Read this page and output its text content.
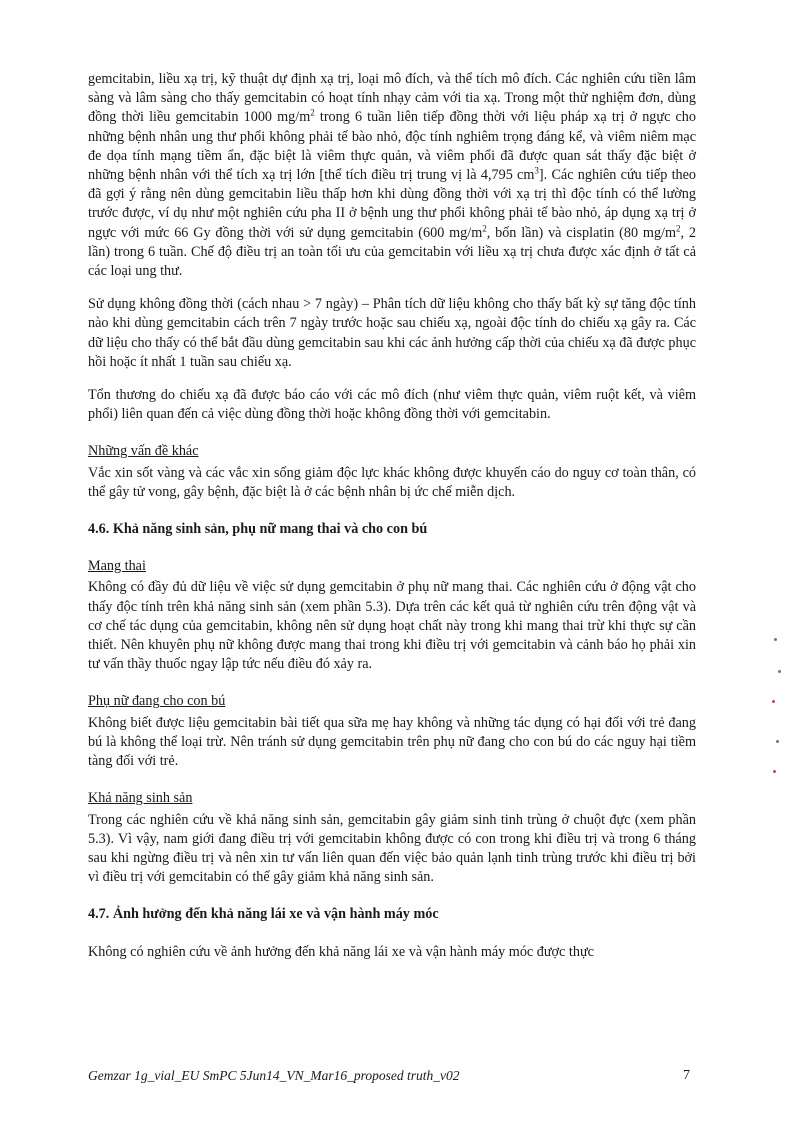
gemcitabin, liều xạ trị, kỹ thuật dự định xạ trị, loại mô đích, và thể tích mô đích. Các nghiên cứu tiền lâm sàng và lâm sàng cho thấy gemcitabin có hoạt tính nhạy cảm với tia xạ. Trong một thử nghiệm đơn, dùng đồng thời liều gemcitabin 1000 $mg/m^2$ trong 6 tuần liên tiếp đồng thời với liệu pháp xạ trị ở ngực cho những bệnh nhân ung thư phổi không phải tế bào nhỏ, độc tính nghiêm trọng đáng kể, và viêm niêm mạc đe dọa tính mạng tiềm ẩn, đặc biệt là viêm thực quản, và viêm phổi đã được quan sát thấy đặc biệt ở những bệnh nhân với thể tích xạ trị lớn [thể tích điều trị trung vị là 4,795 $cm^3$]. Các nghiên cứu tiếp theo đã gợi ý rằng nên dùng gemcitabin liều thấp hơn khi dùng đồng thời với xạ trị thì độc tính có thể lường trước được, ví dụ như một nghiên cứu pha II ở bệnh ung thư phổi không phải tế bào nhỏ, áp dụng xạ trị ở ngực với mức 66 Gy đồng thời với sử dụng gemcitabin (600 $mg/m^2$, bốn lần) và cisplatin (80 $mg/m^2$, 2 lần) trong 6 tuần. Chế độ điều trị an toàn tối ưu của gemcitabin với liều xạ trị chưa được xác định ở tất cả các loại ung thư.

Sử dụng không đồng thời (cách nhau > 7 ngày) – Phân tích dữ liệu không cho thấy bất kỳ sự tăng độc tính nào khi dùng gemcitabin cách trên 7 ngày trước hoặc sau chiếu xạ, ngoài độc tính do chiếu xạ gây ra. Các dữ liệu cho thấy có thể bắt đầu dùng gemcitabin sau khi các ảnh hưởng cấp thời của chiếu xạ đã được phục hồi hoặc ít nhất 1 tuần sau chiếu xạ.

Tổn thương do chiếu xạ đã được báo cáo với các mô đích (như viêm thực quản, viêm ruột kết, và viêm phổi) liên quan đến cả việc dùng đồng thời hoặc không đồng thời với gemcitabin.

Những vấn đề khác

Vắc xin sốt vàng và các vắc xin sống giảm độc lực khác không được khuyến cáo do nguy cơ toàn thân, có thể gây tử vong, gây bệnh, đặc biệt là ở các bệnh nhân bị ức chế miễn dịch.

4.6. Khả năng sinh sản, phụ nữ mang thai và cho con bú
Mang thai

Không có đầy đủ dữ liệu về việc sử dụng gemcitabin ở phụ nữ mang thai. Các nghiên cứu ở động vật cho thấy độc tính trên khả năng sinh sản (xem phần 5.3). Dựa trên các kết quả từ nghiên cứu trên động vật và cơ chế tác dụng của gemcitabin, không nên sử dụng hoạt chất này trong khi mang thai trừ khi thực sự cần thiết. Nên khuyên phụ nữ không được mang thai trong khi điều trị với gemcitabin và cảnh báo họ phải xin tư vấn thầy thuốc ngay lập tức nếu điều đó xảy ra.

Phụ nữ đang cho con bú

Không biết được liệu gemcitabin bài tiết qua sữa mẹ hay không và những tác dụng có hại đối với trẻ đang bú là không thể loại trừ. Nên tránh sử dụng gemcitabin trên phụ nữ đang cho con bú do các nguy hại tiềm tàng đối với trẻ.

Khả năng sinh sản

Trong các nghiên cứu về khả năng sinh sản, gemcitabin gây giảm sinh tinh trùng ở chuột đực (xem phần 5.3). Vì vậy, nam giới đang điều trị với gemcitabin không được có con trong khi điều trị và trong 6 tháng sau khi ngừng điều trị và nên xin tư vấn liên quan đến việc bảo quản lạnh tinh trùng trước khi điều trị bởi vì điều trị với gemcitabin có thể gây giảm khả năng sinh sản.

4.7. Ảnh hưởng đến khả năng lái xe và vận hành máy móc

Không có nghiên cứu về ảnh hưởng đến khả năng lái xe và vận hành máy móc được thực

Gemzar 1g_vial_EU SmPC 5Jun14_VN_Mar16_proposed truth_v02	7
